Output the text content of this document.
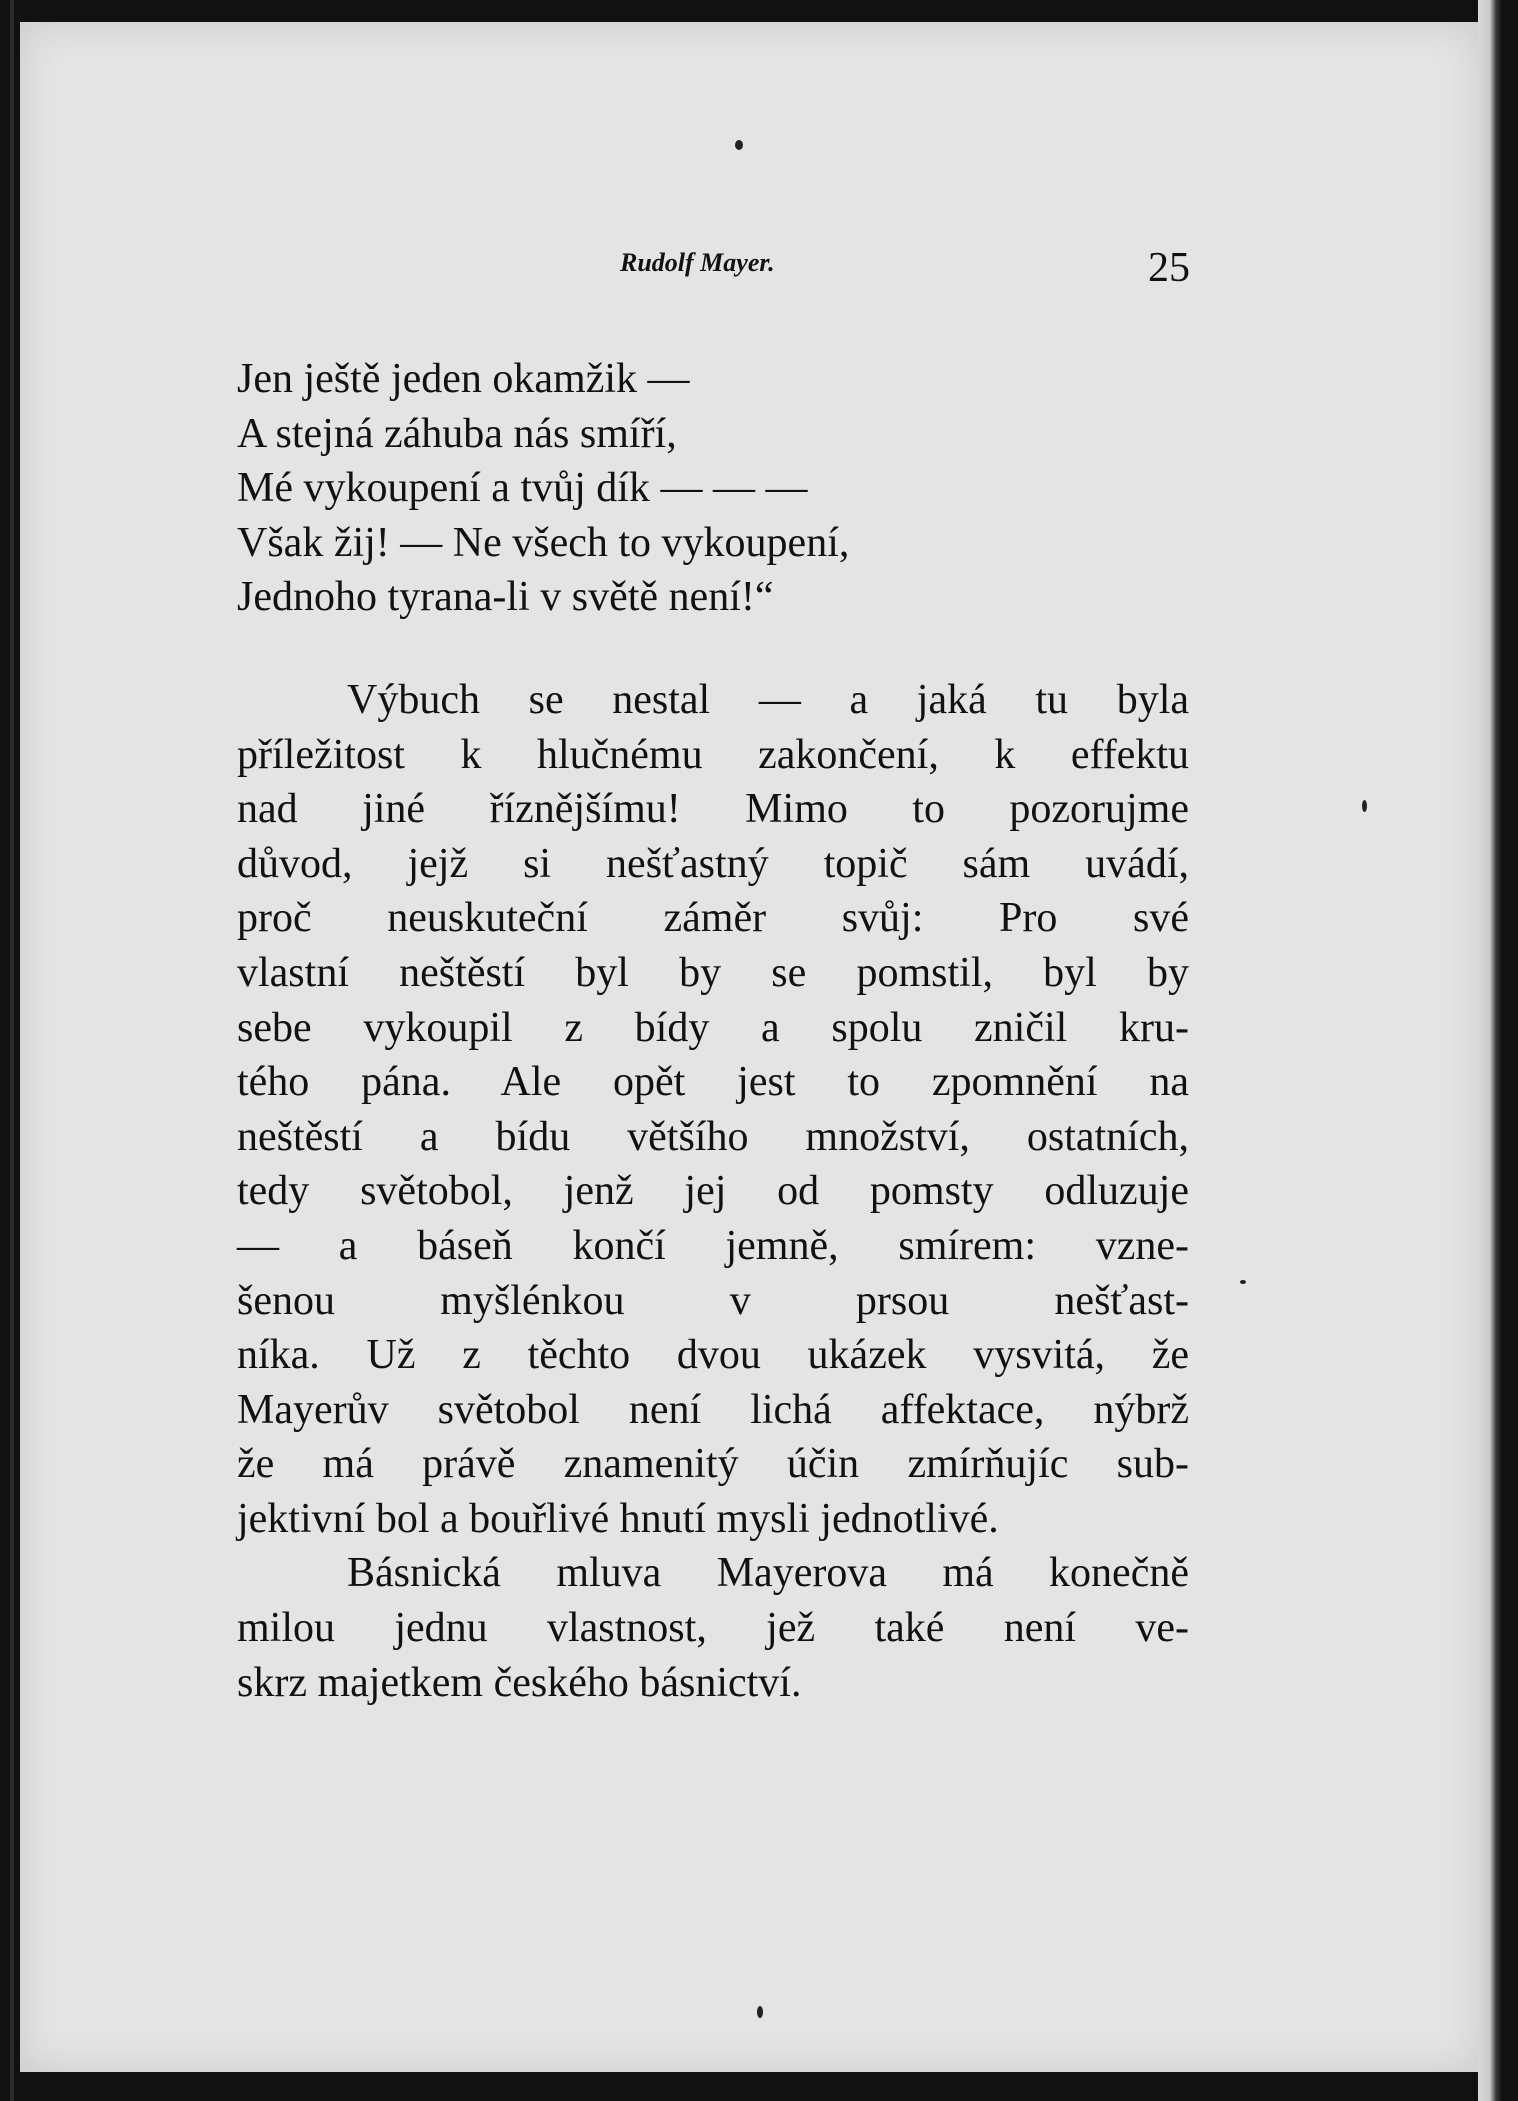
Rudolf Mayer.	25
Jen ještě jeden okamžik —
A stejná záhuba nás smíří,
Mé vykoupení a tvůj dík — — —
Však žij! — Ne všech to vykoupení,
Jednoho tyrana-li v světě není!“
Výbuch se nestal — a jaká tu byla
příležitost k hlučnému zakončení, k effektu
nad jiné říznějšímu! Mimo to pozorujme
důvod, jejž si nešťastný topič sám uvádí,
proč neuskuteční záměr svůj: Pro své
vlastní neštěstí byl by se pomstil, byl by
sebe vykoupil z bídy a spolu zničil kru-
tého pána. Ale opět jest to zpomnění na
neštěstí a bídu většího množství, ostatních,
tedy světobol, jenž jej od pomsty odluzuje
— a báseň končí jemně, smírem: vzne-
šenou myšlénkou v prsou nešťast-
níka. Už z těchto dvou ukázek vysvitá, že
Mayerův světobol není lichá affektace, nýbrž
že má právě znamenitý účin zmírňujíc sub-
jektivní bol a bouřlivé hnutí mysli jednotlivé.
Básnická mluva Mayerova má konečně
milou jednu vlastnost, jež také není ve-
skrz majetkem českého básnictví.
